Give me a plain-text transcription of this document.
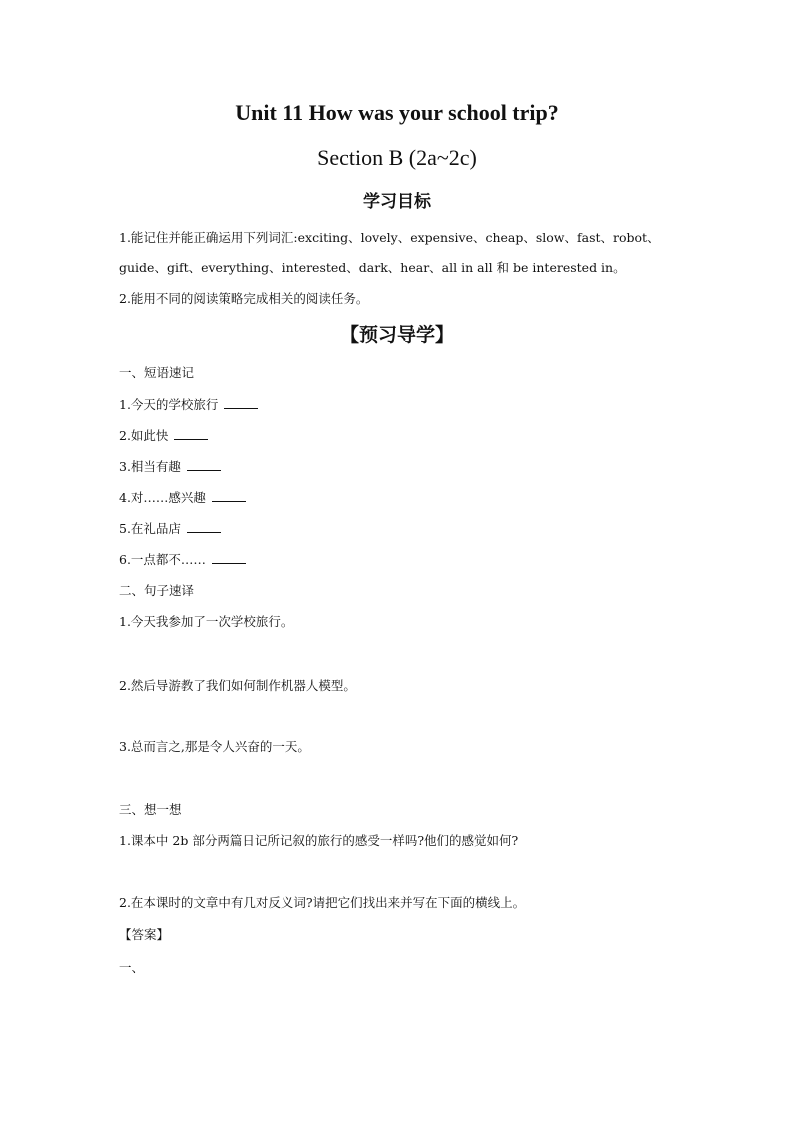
Unit 11 How was your school trip?
Section B (2a~2c)
学习目标
1.能记住并能正确运用下列词汇:exciting、lovely、expensive、cheap、slow、fast、robot、
guide、gift、everything、interested、dark、hear、all in all 和 be interested in。
2.能用不同的阅读策略完成相关的阅读任务。
【预习导学】
一、短语速记
1.今天的学校旅行
2.如此快
3.相当有趣
4.对……感兴趣
5.在礼品店
6.一点都不……
二、句子速译
1.今天我参加了一次学校旅行。
2.然后导游教了我们如何制作机器人模型。
3.总而言之,那是令人兴奋的一天。
三、想一想
1.课本中 2b 部分两篇日记所记叙的旅行的感受一样吗?他们的感觉如何?
2.在本课时的文章中有几对反义词?请把它们找出来并写在下面的横线上。
【答案】
一、
